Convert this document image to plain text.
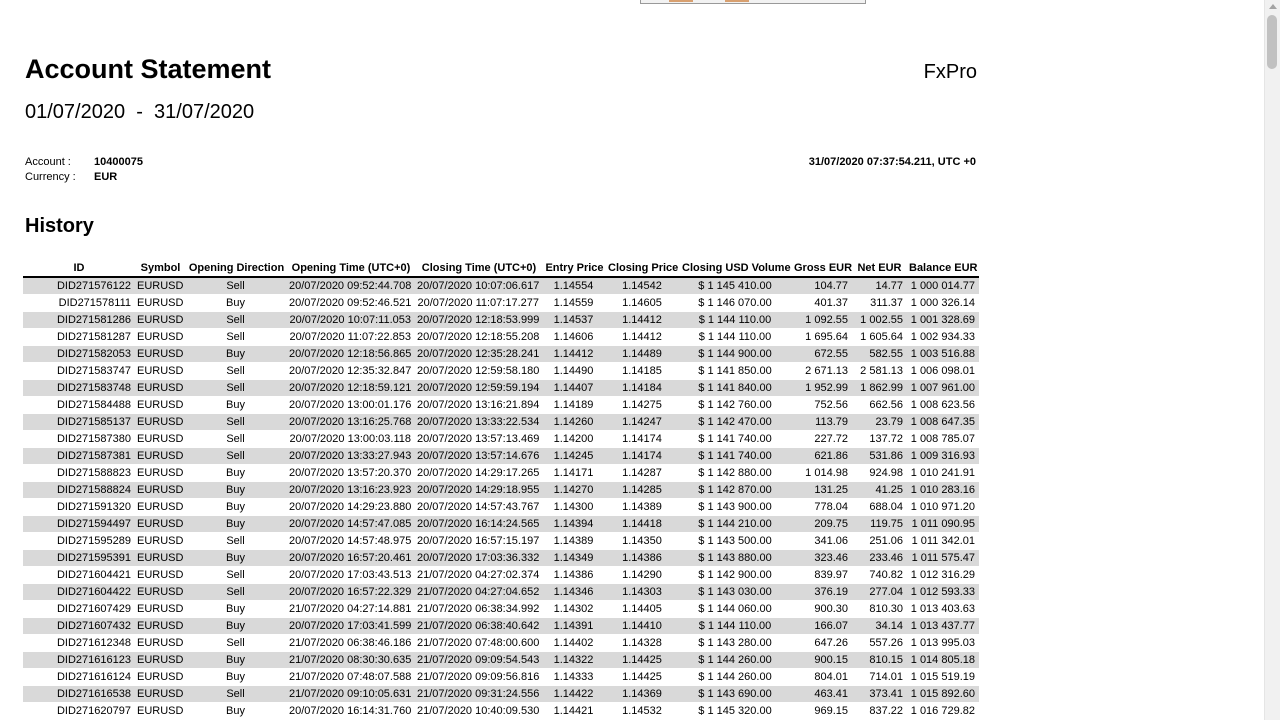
Account Statement	FxPro
01/07/2020 - 31/07/2020
Account :	10400075
Currency :	EUR
31/07/2020 07:37:54.211, UTC +0
History
ID	Symbol	Opening Direction	Opening Time (UTC+0)	Closing Time (UTC+0)	Entry Price	Closing Price	Closing USD Volume	Gross EUR	Net EUR	Balance EUR
DID271576122	EURUSD	Sell	20/07/2020 09:52:44.708	20/07/2020 10:07:06.617	1.14554	1.14542	$ 1 145 410.00	104.77	14.77	1 000 014.77
DID271578111	EURUSD	Buy	20/07/2020 09:52:46.521	20/07/2020 11:07:17.277	1.14559	1.14605	$ 1 146 070.00	401.37	311.37	1 000 326.14
DID271581286	EURUSD	Sell	20/07/2020 10:07:11.053	20/07/2020 12:18:53.999	1.14537	1.14412	$ 1 144 110.00	1 092.55	1 002.55	1 001 328.69
DID271581287	EURUSD	Sell	20/07/2020 11:07:22.853	20/07/2020 12:18:55.208	1.14606	1.14412	$ 1 144 110.00	1 695.64	1 605.64	1 002 934.33
DID271582053	EURUSD	Buy	20/07/2020 12:18:56.865	20/07/2020 12:35:28.241	1.14412	1.14489	$ 1 144 900.00	672.55	582.55	1 003 516.88
DID271583747	EURUSD	Sell	20/07/2020 12:35:32.847	20/07/2020 12:59:58.180	1.14490	1.14185	$ 1 141 850.00	2 671.13	2 581.13	1 006 098.01
DID271583748	EURUSD	Sell	20/07/2020 12:18:59.121	20/07/2020 12:59:59.194	1.14407	1.14184	$ 1 141 840.00	1 952.99	1 862.99	1 007 961.00
DID271584488	EURUSD	Buy	20/07/2020 13:00:01.176	20/07/2020 13:16:21.894	1.14189	1.14275	$ 1 142 760.00	752.56	662.56	1 008 623.56
DID271585137	EURUSD	Sell	20/07/2020 13:16:25.768	20/07/2020 13:33:22.534	1.14260	1.14247	$ 1 142 470.00	113.79	23.79	1 008 647.35
DID271587380	EURUSD	Sell	20/07/2020 13:00:03.118	20/07/2020 13:57:13.469	1.14200	1.14174	$ 1 141 740.00	227.72	137.72	1 008 785.07
DID271587381	EURUSD	Sell	20/07/2020 13:33:27.943	20/07/2020 13:57:14.676	1.14245	1.14174	$ 1 141 740.00	621.86	531.86	1 009 316.93
DID271588823	EURUSD	Buy	20/07/2020 13:57:20.370	20/07/2020 14:29:17.265	1.14171	1.14287	$ 1 142 880.00	1 014.98	924.98	1 010 241.91
DID271588824	EURUSD	Buy	20/07/2020 13:16:23.923	20/07/2020 14:29:18.955	1.14270	1.14285	$ 1 142 870.00	131.25	41.25	1 010 283.16
DID271591320	EURUSD	Buy	20/07/2020 14:29:23.880	20/07/2020 14:57:43.767	1.14300	1.14389	$ 1 143 900.00	778.04	688.04	1 010 971.20
DID271594497	EURUSD	Buy	20/07/2020 14:57:47.085	20/07/2020 16:14:24.565	1.14394	1.14418	$ 1 144 210.00	209.75	119.75	1 011 090.95
DID271595289	EURUSD	Sell	20/07/2020 14:57:48.975	20/07/2020 16:57:15.197	1.14389	1.14350	$ 1 143 500.00	341.06	251.06	1 011 342.01
DID271595391	EURUSD	Buy	20/07/2020 16:57:20.461	20/07/2020 17:03:36.332	1.14349	1.14386	$ 1 143 880.00	323.46	233.46	1 011 575.47
DID271604421	EURUSD	Sell	20/07/2020 17:03:43.513	21/07/2020 04:27:02.374	1.14386	1.14290	$ 1 142 900.00	839.97	740.82	1 012 316.29
DID271604422	EURUSD	Sell	20/07/2020 16:57:22.329	21/07/2020 04:27:04.652	1.14346	1.14303	$ 1 143 030.00	376.19	277.04	1 012 593.33
DID271607429	EURUSD	Buy	21/07/2020 04:27:14.881	21/07/2020 06:38:34.992	1.14302	1.14405	$ 1 144 060.00	900.30	810.30	1 013 403.63
DID271607432	EURUSD	Buy	20/07/2020 17:03:41.599	21/07/2020 06:38:40.642	1.14391	1.14410	$ 1 144 110.00	166.07	34.14	1 013 437.77
DID271612348	EURUSD	Sell	21/07/2020 06:38:46.186	21/07/2020 07:48:00.600	1.14402	1.14328	$ 1 143 280.00	647.26	557.26	1 013 995.03
DID271616123	EURUSD	Buy	21/07/2020 08:30:30.635	21/07/2020 09:09:54.543	1.14322	1.14425	$ 1 144 260.00	900.15	810.15	1 014 805.18
DID271616124	EURUSD	Buy	21/07/2020 07:48:07.588	21/07/2020 09:09:56.816	1.14333	1.14425	$ 1 144 260.00	804.01	714.01	1 015 519.19
DID271616538	EURUSD	Sell	21/07/2020 09:10:05.631	21/07/2020 09:31:24.556	1.14422	1.14369	$ 1 143 690.00	463.41	373.41	1 015 892.60
DID271620797	EURUSD	Buy	20/07/2020 16:14:31.760	21/07/2020 10:40:09.530	1.14421	1.14532	$ 1 145 320.00	969.15	837.22	1 016 729.82
